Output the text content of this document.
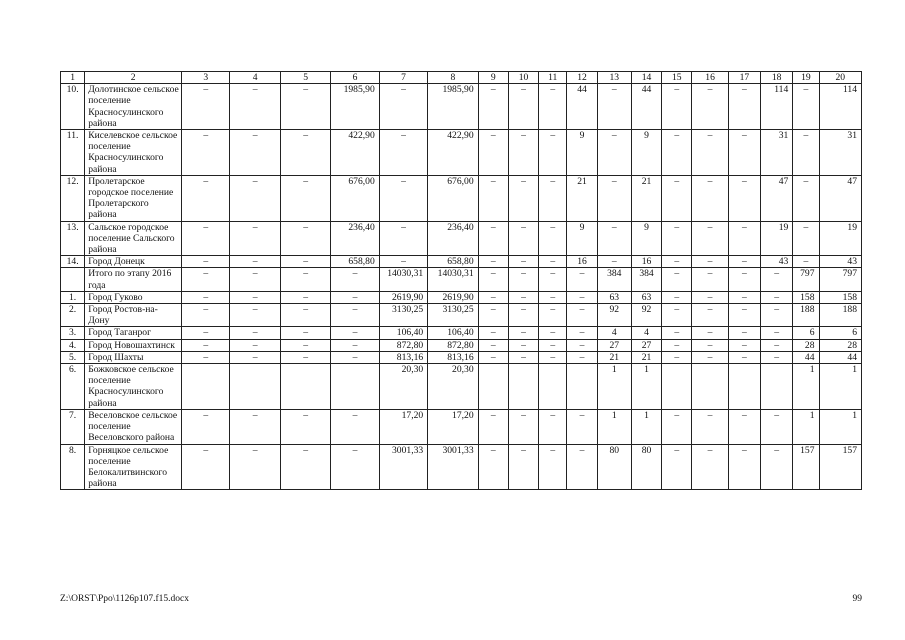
1	2	3	4	5	6	7	8	9	10	11	12	13	14	15	16	17	18	19	20
10.	Долотинское сельское поселение Красносулинского района	–	–	–	1985,90	–	1985,90	–	–	–	44	–	44	–	–	–	114	–	114
11.	Киселевское сельское поселение Красносулинского района	–	–	–	422,90	–	422,90	–	–	–	9	–	9	–	–	–	31	–	31
12.	Пролетарское городское поселение Пролетарского района	–	–	–	676,00	–	676,00	–	–	–	21	–	21	–	–	–	47	–	47
13.	Сальское городское поселение Сальского района	–	–	–	236,40	–	236,40	–	–	–	9	–	9	–	–	–	19	–	19
14.	Город Донецк	–	–	–	658,80	–	658,80	–	–	–	16	–	16	–	–	–	43	–	43
	Итого по этапу 2016 года	–	–	–	–	14030,31	14030,31	–	–	–	–	384	384	–	–	–	–	797	797
1.	Город Гуково	–	–	–	–	2619,90	2619,90	–	–	–	–	63	63	–	–	–	–	158	158
2.	Город Ростов-на-Дону	–	–	–	–	3130,25	3130,25	–	–	–	–	92	92	–	–	–	–	188	188
3.	Город Таганрог	–	–	–	–	106,40	106,40	–	–	–	–	4	4	–	–	–	–	6	6
4.	Город Новошахтинск	–	–	–	–	872,80	872,80	–	–	–	–	27	27	–	–	–	–	28	28
5.	Город Шахты	–	–	–	–	813,16	813,16	–	–	–	–	21	21	–	–	–	–	44	44
6.	Божковское сельское поселение Красносулинского района					20,30	20,30					1	1					1	1
7.	Веселовское сельское поселение Веселовского района	–	–	–	–	17,20	17,20	–	–	–	–	1	1	–	–	–	–	1	1
8.	Горняцкое сельское поселение Белокалитвинского района	–	–	–	–	3001,33	3001,33	–	–	–	–	80	80	–	–	–	–	157	157
Z:\ORST\Ppo\1126p107.f15.docx	99
